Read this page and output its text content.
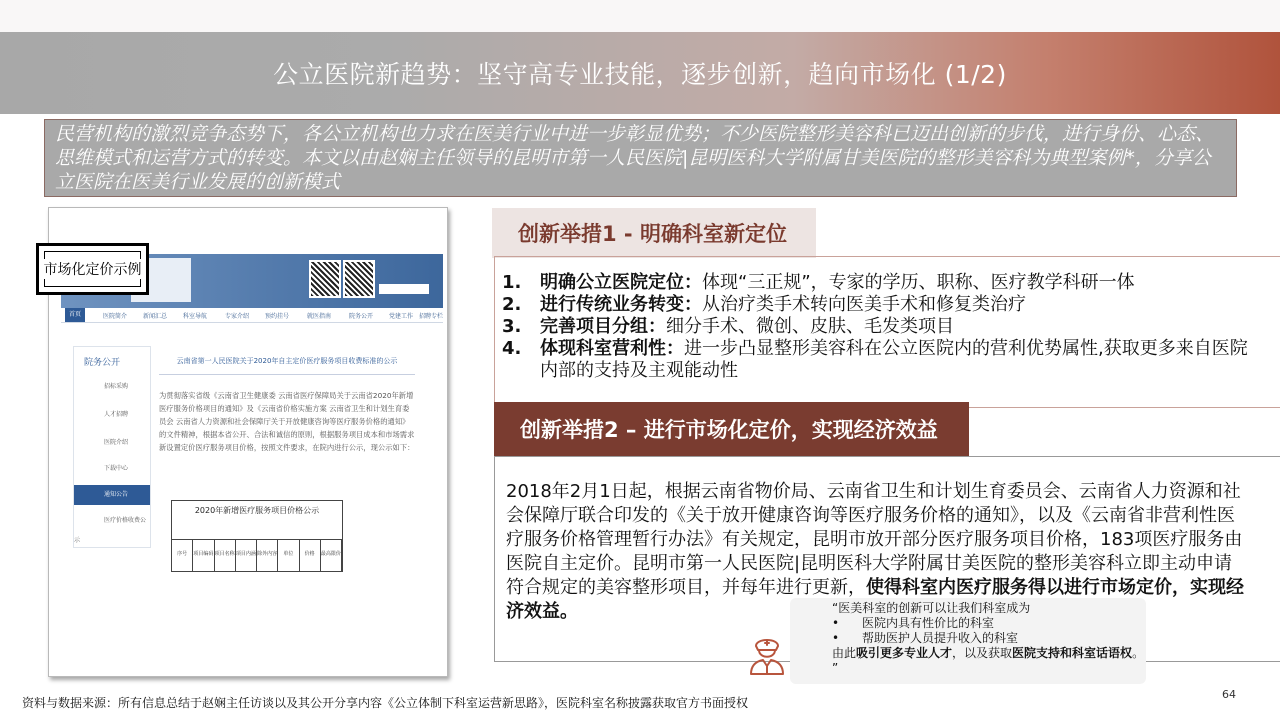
公立医院新趋势：坚守高专业技能，逐步创新，趋向市场化 (1/2)

民营机构的激烈竞争态势下，各公立机构也力求在医美行业中进一步彰显优势；不少医院整形美容科已迈出创新的步伐，进行身份、心态、思维模式和运营方式的转变。本文以由赵娴主任领导的昆明市第一人民医院|昆明医科大学附属甘美医院的整形美容科为典型案例*，分享公立医院在医美行业发展的创新模式

首页	医院简介	新闻汇总	科室导航	专家介绍	预约挂号	就医指南	院务公开	党建工作 招聘专栏
院务公开
招标采购
人才招聘
医院介绍
下载中心
通知公告
医疗价格收费公示
云南省第一人民医院关于2020年自主定价医疗服务项目收费标准的公示
为贯彻落实省级《云南省卫生健康委 云南省医疗保障局关于云南省2020年新增医疗服务价格项目的通知》及《云南省价格实施方案 云南省卫生和计划生育委员会 云南省人力资源和社会保障厅关于开放健康咨询等医疗服务价格的通知》的文件精神，根据本省公开、合法和诚信的原则，根据服务项目成本和市场需求新设置定价医疗服务项目价格，按照文件要求，在院内进行公示，现公示如下：
2020年新增医疗服务项目价格公示
序号	项目编码 项目名称 项目内涵 除外内容	单位	价格	最高限价
市场化定价示例
创新举措1 - 明确科室新定位
1. 明确公立医院定位：体现“三正规”，专家的学历、职称、医疗教学科研一体
2. 进行传统业务转变：从治疗类手术转向医美手术和修复类治疗
3. 完善项目分组：细分手术、微创、皮肤、毛发类项目
4. 体现科室营利性：进一步凸显整形美容科在公立医院内的营利优势属性,获取更多来自医院内部的支持及主观能动性
创新举措2 – 进行市场化定价，实现经济效益

2018年2月1日起，根据云南省物价局、云南省卫生和计划生育委员会、云南省人力资源和社会保障厅联合印发的《关于放开健康咨询等医疗服务价格的通知》，以及《云南省非营利性医疗服务价格管理暂行办法》有关规定，昆明市放开部分医疗服务项目价格，183项医疗服务由医院自主定价。昆明市第一人民医院|昆明医科大学附属甘美医院的整形美容科立即主动申请符合规定的美容整形项目，并每年进行更新，使得科室内医疗服务得以进行市场定价，实现经济效益。	“医美科室的创新可以让我们科室成为
• 医院内具有性价比的科室
• 帮助医护人员提升收入的科室
由此吸引更多专业人才，以及获取医院支持和科室话语权。 ”
资料与数据来源：所有信息总结于赵娴主任访谈以及其公开分享内容《公立体制下科室运营新思路》，医院科室名称披露获取官方书面授权
64
